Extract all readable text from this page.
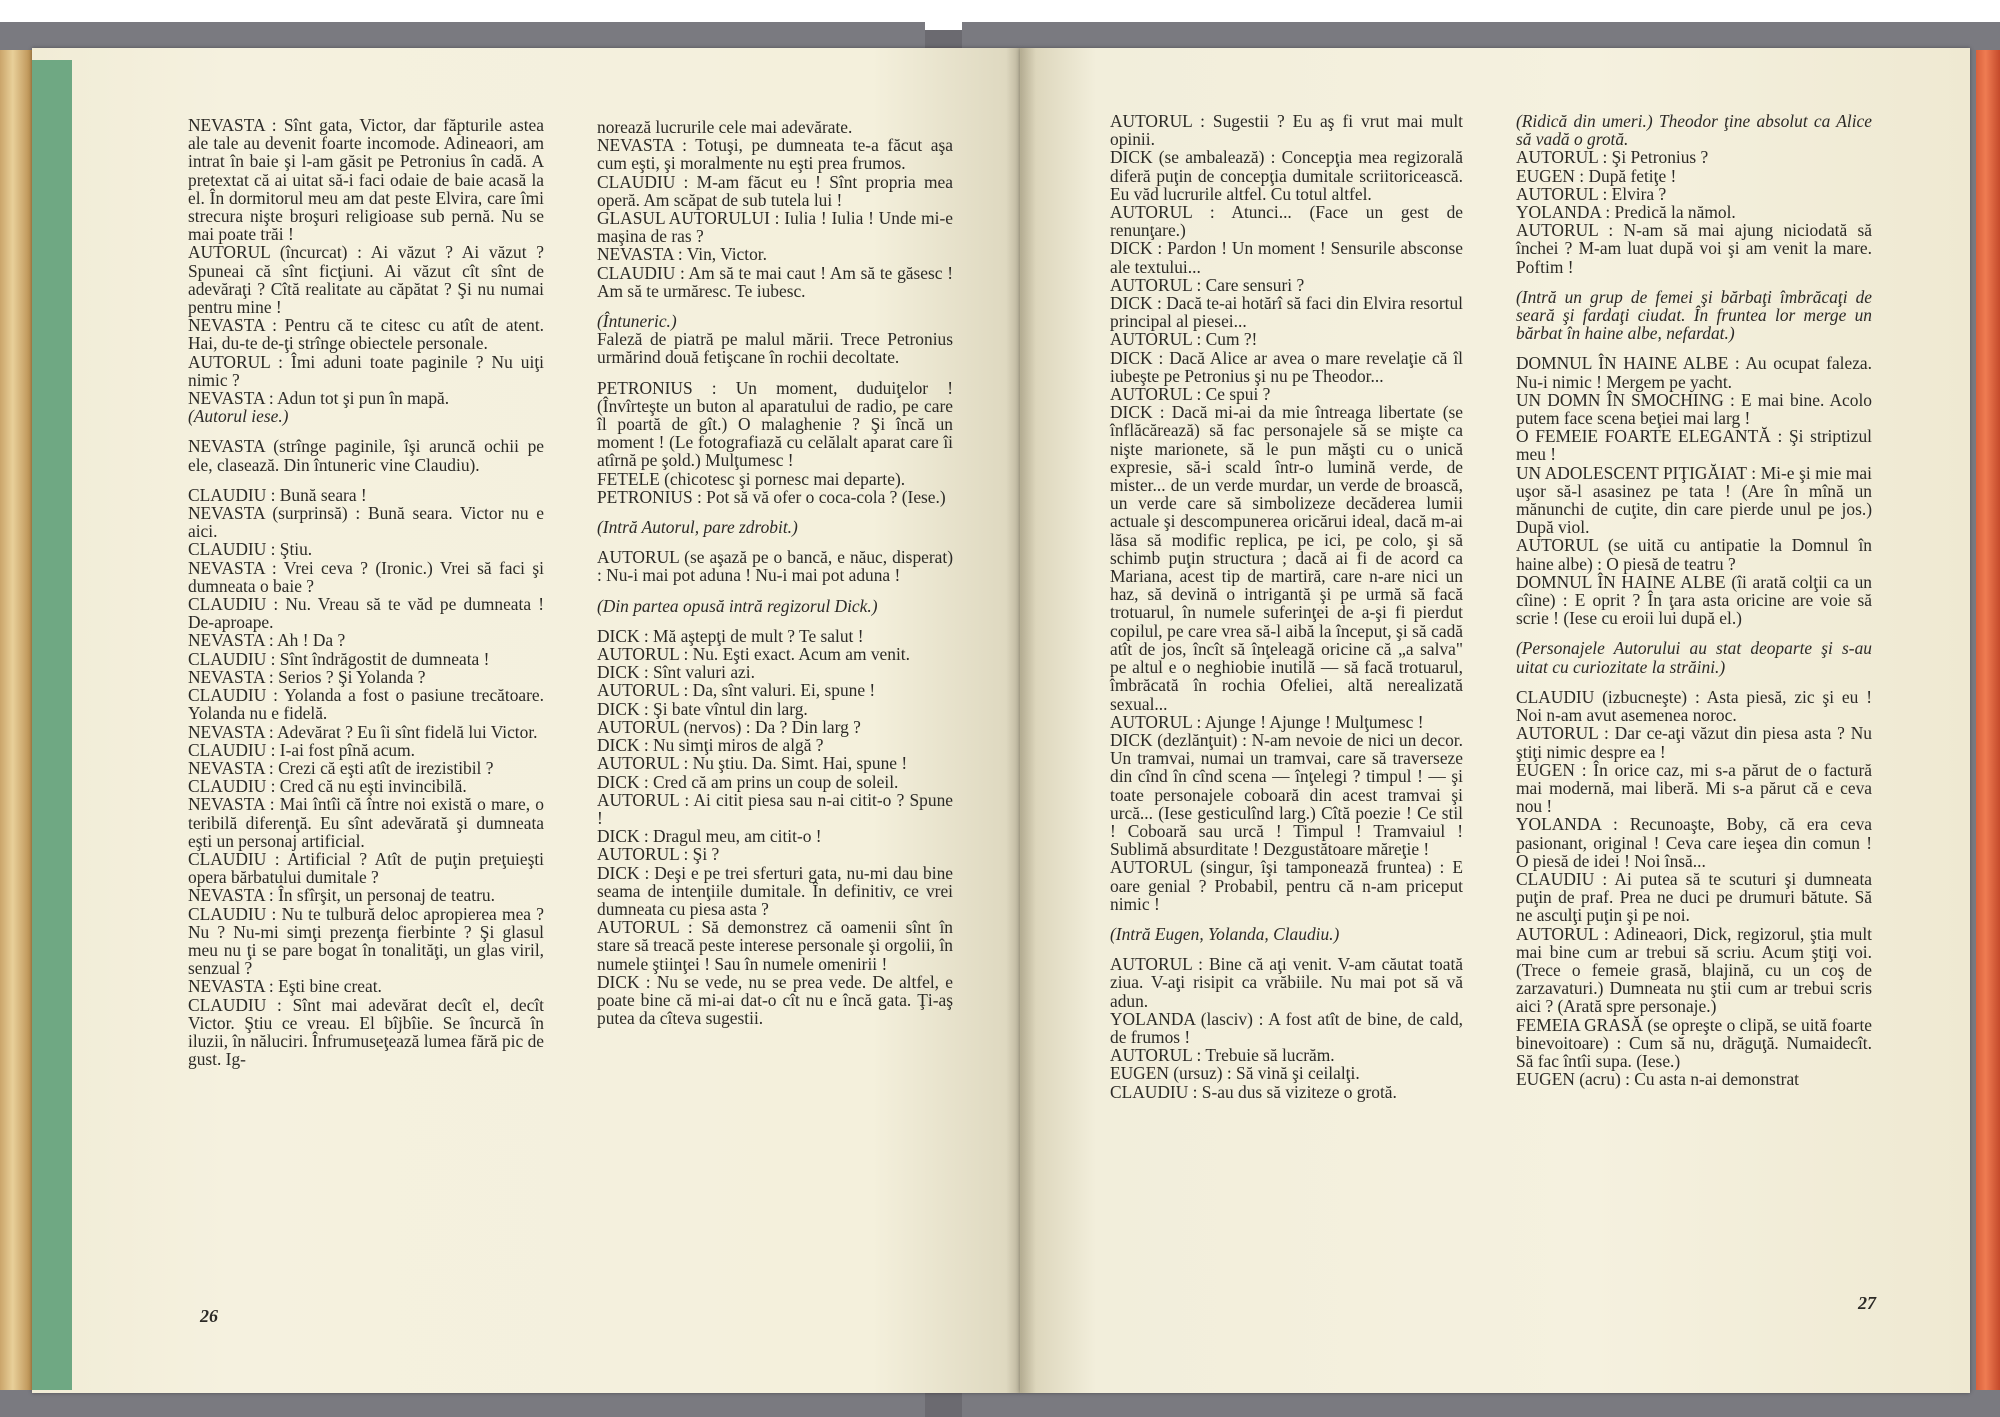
NEVASTA : Sînt gata, Victor, dar făpturile astea ale tale au devenit foarte incomode. Adineaori, am intrat în baie şi l-am găsit pe Petronius în cadă. A pretextat că ai uitat să-i faci odaie de baie acasă la el. În dormitorul meu am dat peste Elvira, care îmi strecura nişte broşuri religioase sub pernă. Nu se mai poate trăi !

AUTORUL (încurcat) : Ai văzut ? Ai văzut ? Spuneai că sînt ficţiuni. Ai văzut cît sînt de adevăraţi ? Cîtă realitate au căpătat ? Şi nu numai pentru mine !

NEVASTA : Pentru că te citesc cu atît de atent. Hai, du-te de-ţi strînge obiectele personale.

AUTORUL : Îmi aduni toate paginile ? Nu uiţi nimic ?

NEVASTA : Adun tot şi pun în mapă.

(Autorul iese.)

NEVASTA (strînge paginile, îşi aruncă ochii pe ele, clasează. Din întuneric vine Claudiu).

CLAUDIU : Bună seara !

NEVASTA (surprinsă) : Bună seara. Victor nu e aici.

CLAUDIU : Ştiu.

NEVASTA : Vrei ceva ? (Ironic.) Vrei să faci şi dumneata o baie ?

CLAUDIU : Nu. Vreau să te văd pe dumneata ! De-aproape.

NEVASTA : Ah ! Da ?

CLAUDIU : Sînt îndrăgostit de dumneata !

NEVASTA : Serios ? Şi Yolanda ?

CLAUDIU : Yolanda a fost o pasiune trecătoare. Yolanda nu e fidelă.

NEVASTA : Adevărat ? Eu îi sînt fidelă lui Victor.

CLAUDIU : I-ai fost pînă acum.

NEVASTA : Crezi că eşti atît de irezistibil ?

CLAUDIU : Cred că nu eşti invincibilă.

NEVASTA : Mai întîi că între noi există o mare, o teribilă diferenţă. Eu sînt adevărată şi dumneata eşti un personaj artificial.

CLAUDIU : Artificial ? Atît de puţin preţuieşti opera bărbatului dumitale ?

NEVASTA : În sfîrşit, un personaj de teatru.

CLAUDIU : Nu te tulbură deloc apropierea mea ? Nu ? Nu-mi simţi prezenţa fierbinte ? Şi glasul meu nu ţi se pare bogat în tonalităţi, un glas viril, senzual ?

NEVASTA : Eşti bine creat.

CLAUDIU : Sînt mai adevărat decît el, decît Victor. Ştiu ce vreau. El bîjbîie. Se încurcă în iluzii, în năluciri. Înfrumuseţează lumea fără pic de gust. Ig-

norează lucrurile cele mai adevărate.

NEVASTA : Totuşi, pe dumneata te-a făcut aşa cum eşti, şi moralmente nu eşti prea frumos.

CLAUDIU : M-am făcut eu ! Sînt propria mea operă. Am scăpat de sub tutela lui !

GLASUL AUTORULUI : Iulia ! Iulia ! Unde mi-e maşina de ras ?

NEVASTA : Vin, Victor.

CLAUDIU : Am să te mai caut ! Am să te găsesc ! Am să te urmăresc. Te iubesc.

(Întuneric.)

Faleză de piatră pe malul mării. Trece Petronius urmărind două fetişcane în rochii decoltate.

PETRONIUS : Un moment, duduiţelor ! (Învîrteşte un buton al aparatului de radio, pe care îl poartă de gît.) O malaghenie ? Şi încă un moment ! (Le fotografiază cu celălalt aparat care îi atîrnă pe şold.) Mulţumesc !

FETELE (chicotesc şi pornesc mai departe).

PETRONIUS : Pot să vă ofer o coca-cola ? (Iese.)

(Intră Autorul, pare zdrobit.)

AUTORUL (se aşază pe o bancă, e năuc, disperat) : Nu-i mai pot aduna ! Nu-i mai pot aduna !

(Din partea opusă intră regizorul Dick.)

DICK : Mă aştepţi de mult ? Te salut !

AUTORUL : Nu. Eşti exact. Acum am venit.

DICK : Sînt valuri azi.

AUTORUL : Da, sînt valuri. Ei, spune !

DICK : Şi bate vîntul din larg.

AUTORUL (nervos) : Da ? Din larg ?

DICK : Nu simţi miros de algă ?

AUTORUL : Nu ştiu. Da. Simt. Hai, spune !

DICK : Cred că am prins un coup de soleil.

AUTORUL : Ai citit piesa sau n-ai citit-o ? Spune !

DICK : Dragul meu, am citit-o !

AUTORUL : Şi ?

DICK : Deşi e pe trei sferturi gata, nu-mi dau bine seama de intenţiile dumitale. În definitiv, ce vrei dumneata cu piesa asta ?

AUTORUL : Să demonstrez că oamenii sînt în stare să treacă peste interese personale şi orgolii, în numele ştiinţei ! Sau în numele omenirii !

DICK : Nu se vede, nu se prea vede. De altfel, e poate bine că mi-ai dat-o cît nu e încă gata. Ţi-aş putea da cîteva sugestii.

AUTORUL : Sugestii ? Eu aş fi vrut mai mult opinii.

DICK (se ambalează) : Concepţia mea regizorală diferă puţin de concepţia dumitale scriitoricească. Eu văd lucrurile altfel. Cu totul altfel.

AUTORUL : Atunci... (Face un gest de renunţare.)

DICK : Pardon ! Un moment ! Sensurile absconse ale textului...

AUTORUL : Care sensuri ?

DICK : Dacă te-ai hotărî să faci din Elvira resortul principal al piesei...

AUTORUL : Cum ?!

DICK : Dacă Alice ar avea o mare revelaţie că îl iubeşte pe Petronius şi nu pe Theodor...

AUTORUL : Ce spui ?

DICK : Dacă mi-ai da mie întreaga libertate (se înflăcărează) să fac personajele să se mişte ca nişte marionete, să le pun măşti cu o unică expresie, să-i scald într-o lumină verde, de mister... de un verde murdar, un verde de broască, un verde care să simbolizeze decăderea lumii actuale şi descompunerea oricărui ideal, dacă m-ai lăsa să modific replica, pe ici, pe colo, şi să schimb puţin structura ; dacă ai fi de acord ca Mariana, acest tip de martiră, care n-are nici un haz, să devină o intrigantă şi pe urmă să facă trotuarul, în numele suferinţei de a-şi fi pierdut copilul, pe care vrea să-l aibă la început, şi să cadă atît de jos, încît să înţeleagă oricine că „a salva" pe altul e o neghiobie inutilă — să facă trotuarul, îmbrăcată în rochia Ofeliei, altă nerealizată sexual...

AUTORUL : Ajunge ! Ajunge ! Mulţumesc !

DICK (dezlănţuit) : N-am nevoie de nici un decor. Un tramvai, numai un tramvai, care să traverseze din cînd în cînd scena — înţelegi ? timpul ! — şi toate personajele coboară din acest tramvai şi urcă... (Iese gesticulînd larg.) Cîtă poezie ! Ce stil ! Coboară sau urcă ! Timpul ! Tramvaiul ! Sublimă absurditate ! Dezgustătoare măreţie !

AUTORUL (singur, îşi tamponează fruntea) : E oare genial ? Probabil, pentru că n-am priceput nimic !

(Intră Eugen, Yolanda, Claudiu.)

AUTORUL : Bine că aţi venit. V-am căutat toată ziua. V-aţi risipit ca vrăbiile. Nu mai pot să vă adun.

YOLANDA (lasciv) : A fost atît de bine, de cald, de frumos !

AUTORUL : Trebuie să lucrăm.

EUGEN (ursuz) : Să vină şi ceilalţi.

CLAUDIU : S-au dus să viziteze o grotă.

(Ridică din umeri.) Theodor ţine absolut ca Alice să vadă o grotă.

AUTORUL : Şi Petronius ?

EUGEN : După fetiţe !

AUTORUL : Elvira ?

YOLANDA : Predică la nămol.

AUTORUL : N-am să mai ajung niciodată să închei ? M-am luat după voi şi am venit la mare. Poftim !

(Intră un grup de femei şi bărbaţi îmbrăcaţi de seară şi fardaţi ciudat. În fruntea lor merge un bărbat în haine albe, nefardat.)

DOMNUL ÎN HAINE ALBE : Au ocupat faleza. Nu-i nimic ! Mergem pe yacht.

UN DOMN ÎN SMOCHING : E mai bine. Acolo putem face scena beţiei mai larg !

O FEMEIE FOARTE ELEGANTĂ : Şi striptizul meu !

UN ADOLESCENT PIŢIGĂIAT : Mi-e şi mie mai uşor să-l asasinez pe tata ! (Are în mînă un mănunchi de cuţite, din care pierde unul pe jos.) După viol.

AUTORUL (se uită cu antipatie la Domnul în haine albe) : O piesă de teatru ?

DOMNUL ÎN HAINE ALBE (îi arată colţii ca un cîine) : E oprit ? În ţara asta oricine are voie să scrie ! (Iese cu eroii lui după el.)

(Personajele Autorului au stat deoparte şi s-au uitat cu curiozitate la străini.)

CLAUDIU (izbucneşte) : Asta piesă, zic şi eu ! Noi n-am avut asemenea noroc.

AUTORUL : Dar ce-aţi văzut din piesa asta ? Nu ştiţi nimic despre ea !

EUGEN : În orice caz, mi s-a părut de o factură mai modernă, mai liberă. Mi s-a părut că e ceva nou !

YOLANDA : Recunoaşte, Boby, că era ceva pasionant, original ! Ceva care ieşea din comun ! O piesă de idei ! Noi însă...

CLAUDIU : Ai putea să te scuturi şi dumneata puţin de praf. Prea ne duci pe drumuri bătute. Să ne asculţi puţin şi pe noi.

AUTORUL : Adineaori, Dick, regizorul, ştia mult mai bine cum ar trebui să scriu. Acum ştiţi voi. (Trece o femeie grasă, blajină, cu un coş de zarzavaturi.) Dumneata nu ştii cum ar trebui scris aici ? (Arată spre personaje.)

FEMEIA GRASĂ (se opreşte o clipă, se uită foarte binevoitoare) : Cum să nu, drăguţă. Numaidecît. Să fac întîi supa. (Iese.)

EUGEN (acru) : Cu asta n-ai demonstrat

26
27
